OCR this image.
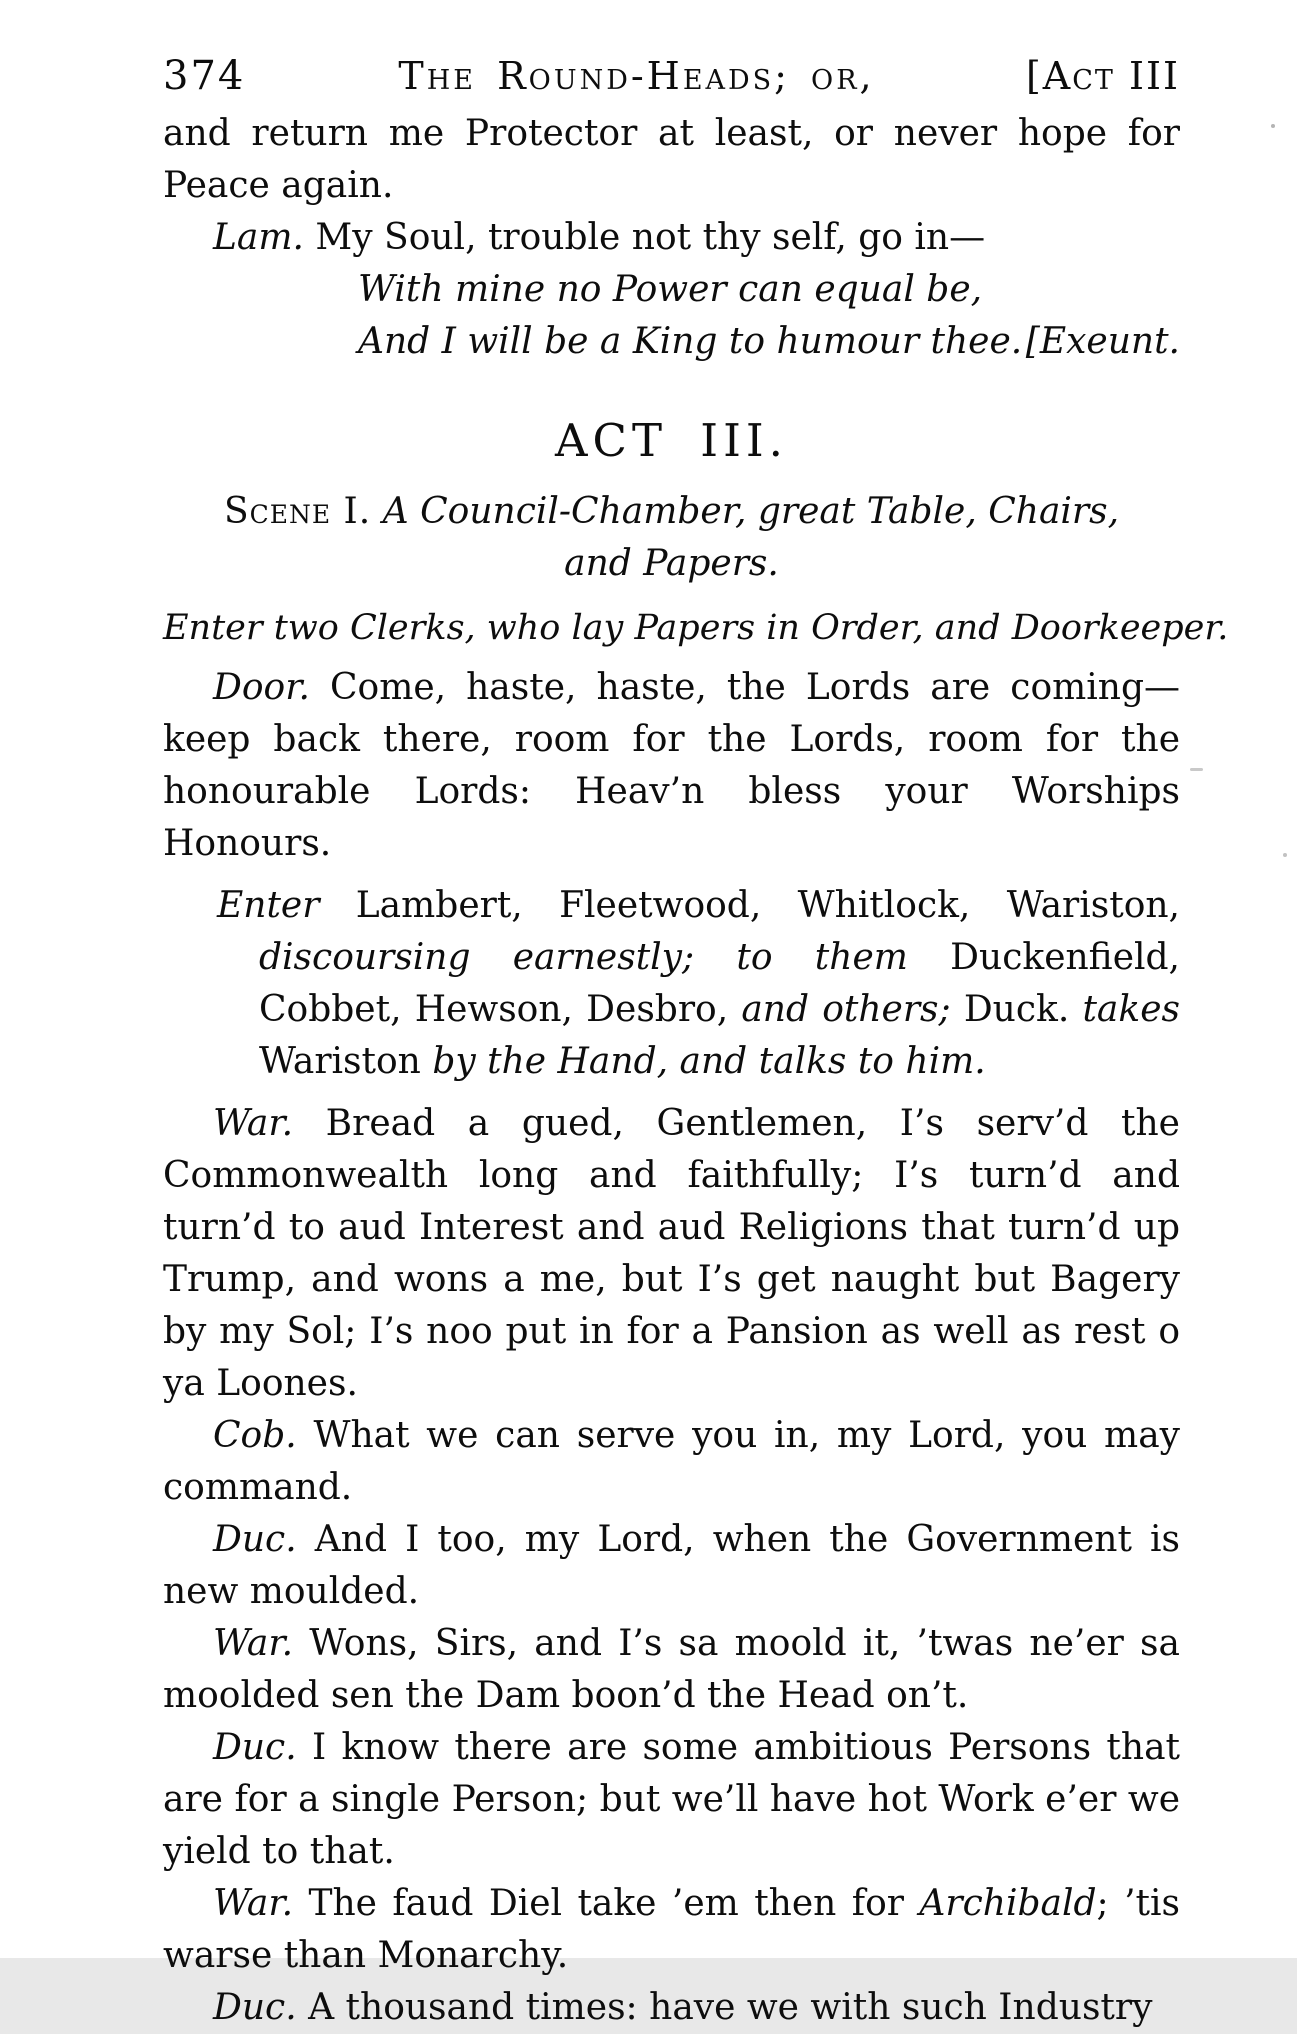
374	The Round-Heads; or,	[Act III

and return me Protector at least, or never hope for Peace again.

Lam. My Soul, trouble not thy self, go in—

With mine no Power can equal be,
And I will be a King to humour thee. [Exeunt.

ACT III.

Scene I. A Council-Chamber, great Table, Chairs,
and Papers.

Enter two Clerks, who lay Papers in Order, and Doorkeeper.

Door. Come, haste, haste, the Lords are coming—keep back there, room for the Lords, room for the honourable Lords: Heav’n bless your Worships Honours.

Enter Lambert, Fleetwood, Whitlock, Wariston, discoursing earnestly; to them Duckenfield, Cobbet, Hewson, Desbro, and others; Duck. takes Wariston by the Hand, and talks to him.

War. Bread a gued, Gentlemen, I’s serv’d the Commonwealth long and faithfully; I’s turn’d and turn’d to aud Interest and aud Religions that turn’d up Trump, and wons a me, but I’s get naught but Bagery by my Sol; I’s noo put in for a Pansion as well as rest o ya Loones.

Cob. What we can serve you in, my Lord, you may command.

Duc. And I too, my Lord, when the Government is new moulded.

War. Wons, Sirs, and I’s sa moold it, ’twas ne’er sa moolded sen the Dam boon’d the Head on’t.

Duc. I know there are some ambitious Persons that are for a single Person; but we’ll have hot Work e’er we yield to that.

War. The faud Diel take ’em then for Archibald; ’tis warse than Monarchy.

Duc. A thousand times: have we with such Industry
